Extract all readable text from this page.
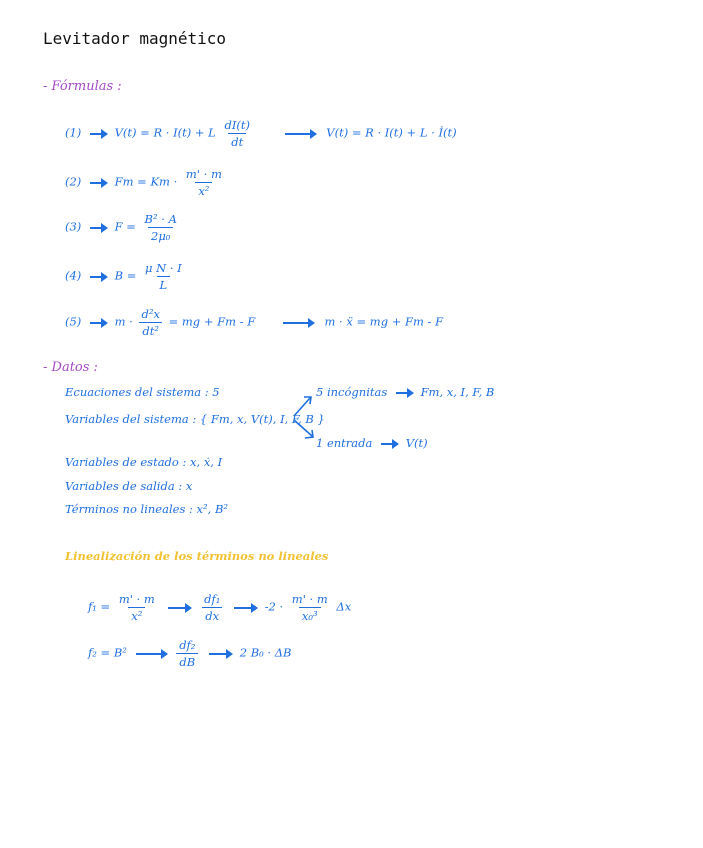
Levitador magnético
- Fórmulas :
(1)	V(t) = R · I(t) + L $\frac{dI(t)}{dt}$	V(t) = R · I(t) + L · İ(t)
(2)	$Fm = Km \cdot \frac{m' \cdot m}{\text{x²}}$
(3)	$F = \frac{\text{B² · A}}{\text{2μ₀}}$
(4)	$B = \frac{\text{μ N · I}}{L}$
(5)	$m \cdot \frac{\text{d²x}}{\text{dt²}}$ = mg + Fm - F	m · ẍ = mg + Fm - F
- Datos :
Ecuaciones del sistema : 5
Variables del sistema : { Fm, x, V(t), I, F, B }
5 incógnitas	Fm, x, I, F, B
1 entrada	V(t)
Variables de estado : x, ẋ, I
Variables de salida : x
Términos no lineales : x², B²
Linealización de los términos no lineales
$f_1 = \frac{m' \cdot m}{\text{x²}}$
	$\frac{\text{df₁}}{dx}$	$-2 \cdot \frac{m' \cdot m}{\text{x₀³}}$ Δx
f₂ = B²	$\frac{\text{df₂}}{dB}$	2 B₀ · ΔB
